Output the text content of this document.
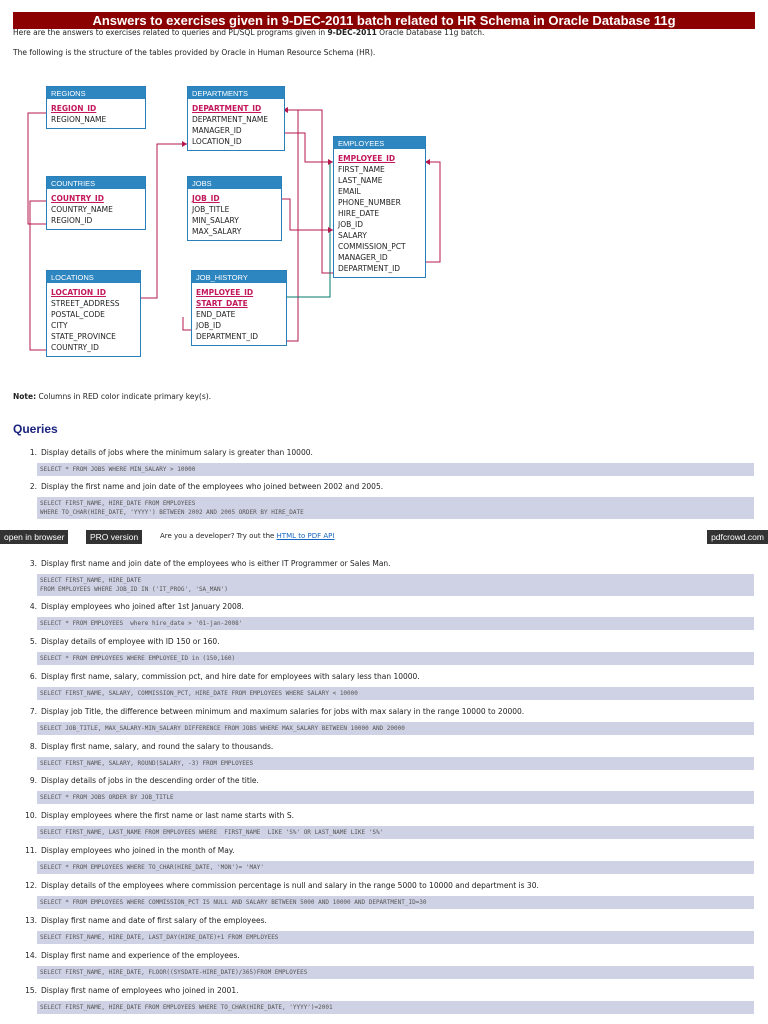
Answers to exercises given in 9-DEC-2011 batch related to HR Schema in Oracle Database 11g
Here are the answers to exercises related to queries and PL/SQL programs given in 9-DEC-2011 Oracle Database 11g batch.
The following is the structure of the tables provided by Oracle in Human Resource Schema (HR).
REGIONS
REGION_ID
REGION_NAME
COUNTRIES
COUNTRY_ID
COUNTRY_NAME
REGION_ID
LOCATIONS
LOCATION_ID
STREET_ADDRESS
POSTAL_CODE
CITY
STATE_PROVINCE
COUNTRY_ID
DEPARTMENTS
DEPARTMENT_ID
DEPARTMENT_NAME
MANAGER_ID
LOCATION_ID
JOBS
JOB_ID
JOB_TITLE
MIN_SALARY
MAX_SALARY
JOB_HISTORY
EMPLOYEE_ID
START_DATE
END_DATE
JOB_ID
DEPARTMENT_ID
EMPLOYEES
EMPLOYEE_ID
FIRST_NAME
LAST_NAME
EMAIL
PHONE_NUMBER
HIRE_DATE
JOB_ID
SALARY
COMMISSION_PCT
MANAGER_ID
DEPARTMENT_ID
Note: Columns in RED color indicate primary key(s).
Queries
1. Display details of jobs where the minimum salary is greater than 10000.
SELECT * FROM JOBS WHERE MIN_SALARY > 10000
2. Display the first name and join date of the employees who joined between 2002 and 2005.
SELECT FIRST_NAME, HIRE_DATE FROM EMPLOYEES
WHERE TO_CHAR(HIRE_DATE, 'YYYY') BETWEEN 2002 AND 2005 ORDER BY HIRE_DATE
open in browser	PRO version	Are you a developer? Try out the HTML to PDF API	pdfcrowd.com
3. Display first name and join date of the employees who is either IT Programmer or Sales Man.
SELECT FIRST_NAME, HIRE_DATE
FROM EMPLOYEES WHERE JOB_ID IN ('IT_PROG', 'SA_MAN')
4. Display employees who joined after 1st January 2008.
SELECT * FROM EMPLOYEES  where hire_date > '01-jan-2008'
5. Display details of employee with ID 150 or 160.
SELECT * FROM EMPLOYEES WHERE EMPLOYEE_ID in (150,160)
6. Display first name, salary, commission pct, and hire date for employees with salary less than 10000.
SELECT FIRST_NAME, SALARY, COMMISSION_PCT, HIRE_DATE FROM EMPLOYEES WHERE SALARY < 10000
7. Display job Title, the difference between minimum and maximum salaries for jobs with max salary in the range 10000 to 20000.
SELECT JOB_TITLE, MAX_SALARY-MIN_SALARY DIFFERENCE FROM JOBS WHERE MAX_SALARY BETWEEN 10000 AND 20000
8. Display first name, salary, and round the salary to thousands.
SELECT FIRST_NAME, SALARY, ROUND(SALARY, -3) FROM EMPLOYEES
9. Display details of jobs in the descending order of the title.
SELECT * FROM JOBS ORDER BY JOB_TITLE
10. Display employees where the first name or last name starts with S.
SELECT FIRST_NAME, LAST_NAME FROM EMPLOYEES WHERE  FIRST_NAME  LIKE 'S%' OR LAST_NAME LIKE 'S%'
11. Display employees who joined in the month of May.
SELECT * FROM EMPLOYEES WHERE TO_CHAR(HIRE_DATE, 'MON')= 'MAY'
12. Display details of the employees where commission percentage is null and salary in the range 5000 to 10000 and department is 30.
SELECT * FROM EMPLOYEES WHERE COMMISSION_PCT IS NULL AND SALARY BETWEEN 5000 AND 10000 AND DEPARTMENT_ID=30
13. Display first name and date of first salary of the employees.
SELECT FIRST_NAME, HIRE_DATE, LAST_DAY(HIRE_DATE)+1 FROM EMPLOYEES
14. Display first name and experience of the employees.
SELECT FIRST_NAME, HIRE_DATE, FLOOR((SYSDATE-HIRE_DATE)/365)FROM EMPLOYEES
15. Display first name of employees who joined in 2001.
SELECT FIRST_NAME, HIRE_DATE FROM EMPLOYEES WHERE TO_CHAR(HIRE_DATE, 'YYYY')=2001
